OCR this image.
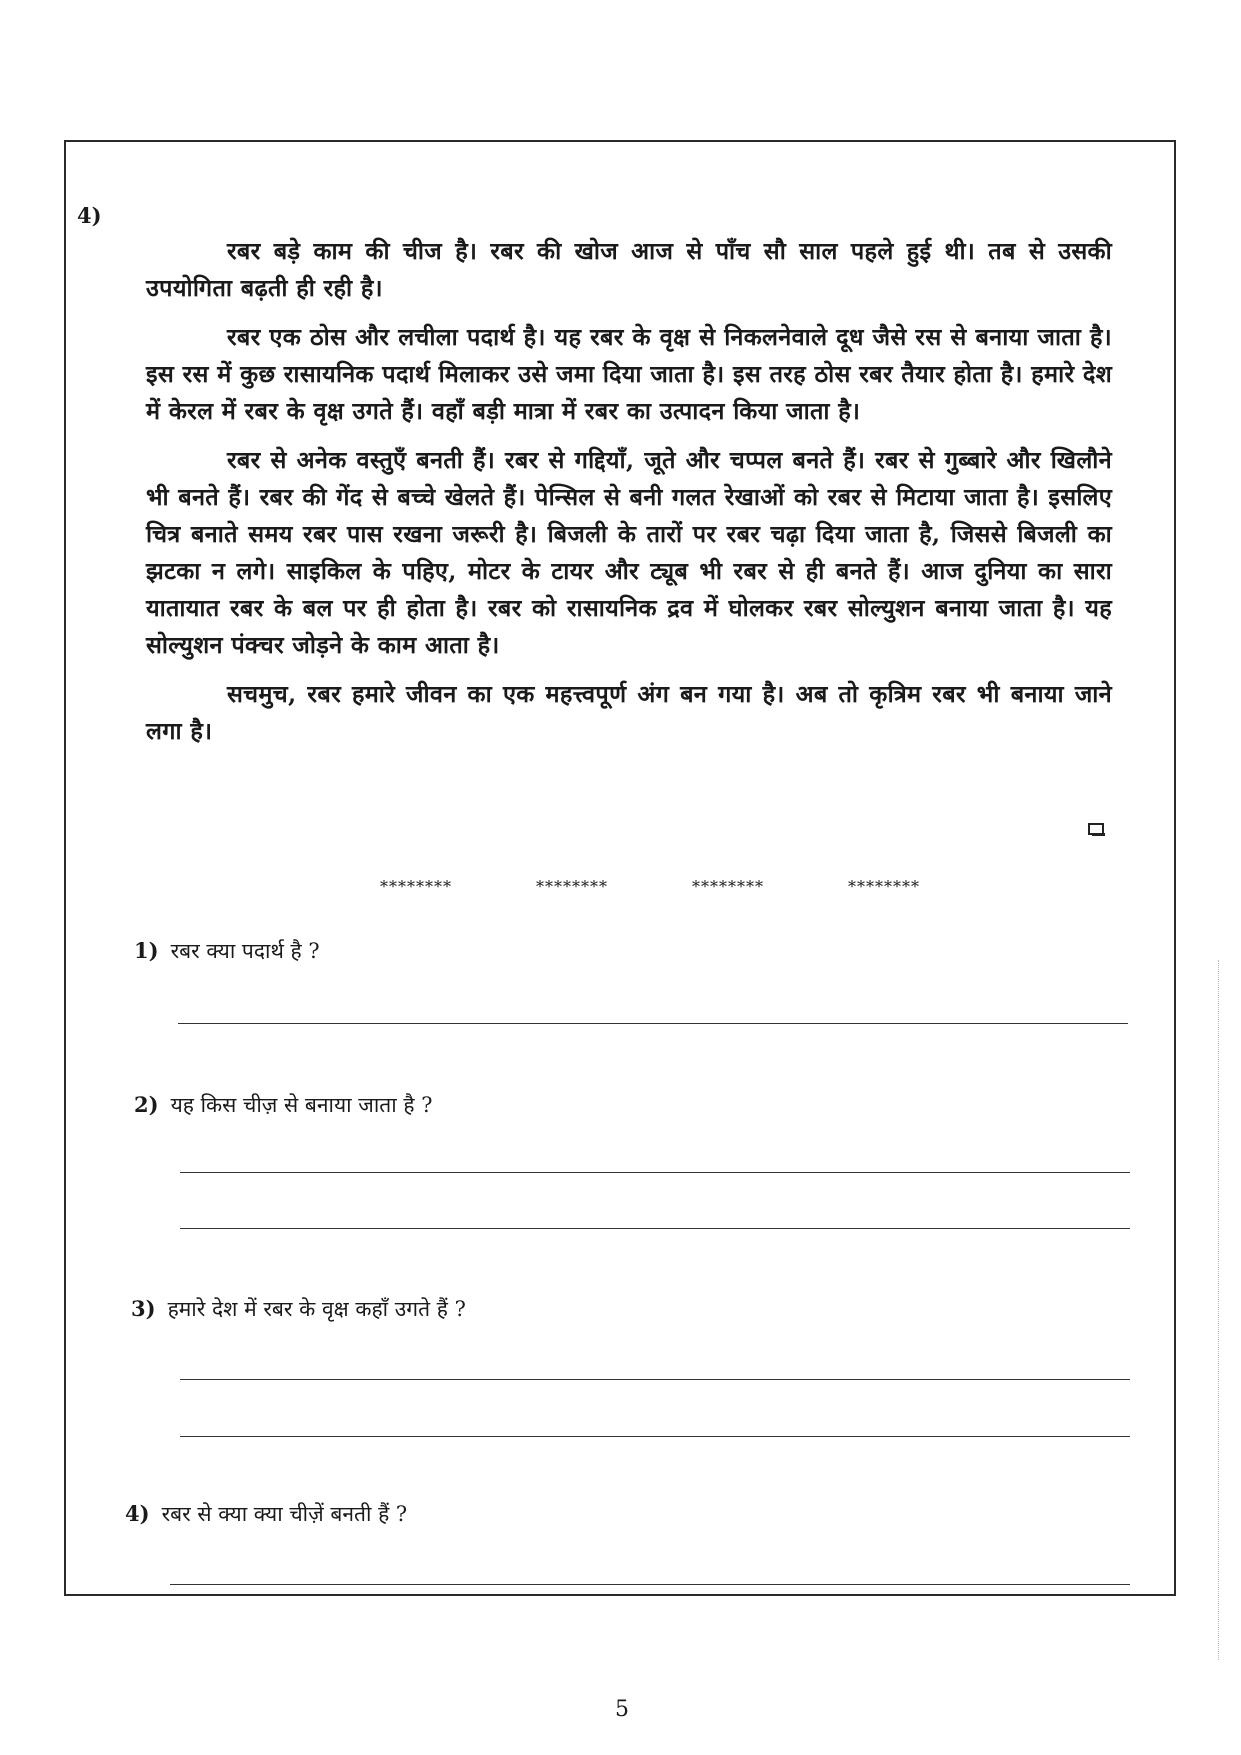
4)

रबर बड़े काम की चीज है। रबर की खोज आज से पाँच सौ साल पहले हुई थी। तब से उसकी उपयोगिता बढ़ती ही रही है।

रबर एक ठोस और लचीला पदार्थ है। यह रबर के वृक्ष से निकलनेवाले दूध जैसे रस से बनाया जाता है। इस रस में कुछ रासायनिक पदार्थ मिलाकर उसे जमा दिया जाता है। इस तरह ठोस रबर तैयार होता है। हमारे देश में केरल में रबर के वृक्ष उगते हैं। वहाँ बड़ी मात्रा में रबर का उत्पादन किया जाता है।

रबर से अनेक वस्तुएँ बनती हैं। रबर से गद्दियाँ, जूते और चप्पल बनते हैं। रबर से गुब्बारे और खिलौने भी बनते हैं। रबर की गेंद से बच्चे खेलते हैं। पेन्सिल से बनी गलत रेखाओं को रबर से मिटाया जाता है। इसलिए चित्र बनाते समय रबर पास रखना जरूरी है। बिजली के तारों पर रबर चढ़ा दिया जाता है, जिससे बिजली का झटका न लगे। साइकिल के पहिए, मोटर के टायर और ट्यूब भी रबर से ही बनते हैं। आज दुनिया का सारा यातायात रबर के बल पर ही होता है। रबर को रासायनिक द्रव में घोलकर रबर सोल्युशन बनाया जाता है। यह सोल्युशन पंक्चर जोड़ने के काम आता है।

सचमुच, रबर हमारे जीवन का एक महत्त्वपूर्ण अंग बन गया है। अब तो कृत्रिम रबर भी बनाया जाने लगा है।

********	********	********	********
1) रबर क्या पदार्थ है ?
2) यह किस चीज़ से बनाया जाता है ?
3) हमारे देश में रबर के वृक्ष कहाँ उगते हैं ?
4) रबर से क्या क्या चीज़ें बनती हैं ?
5
